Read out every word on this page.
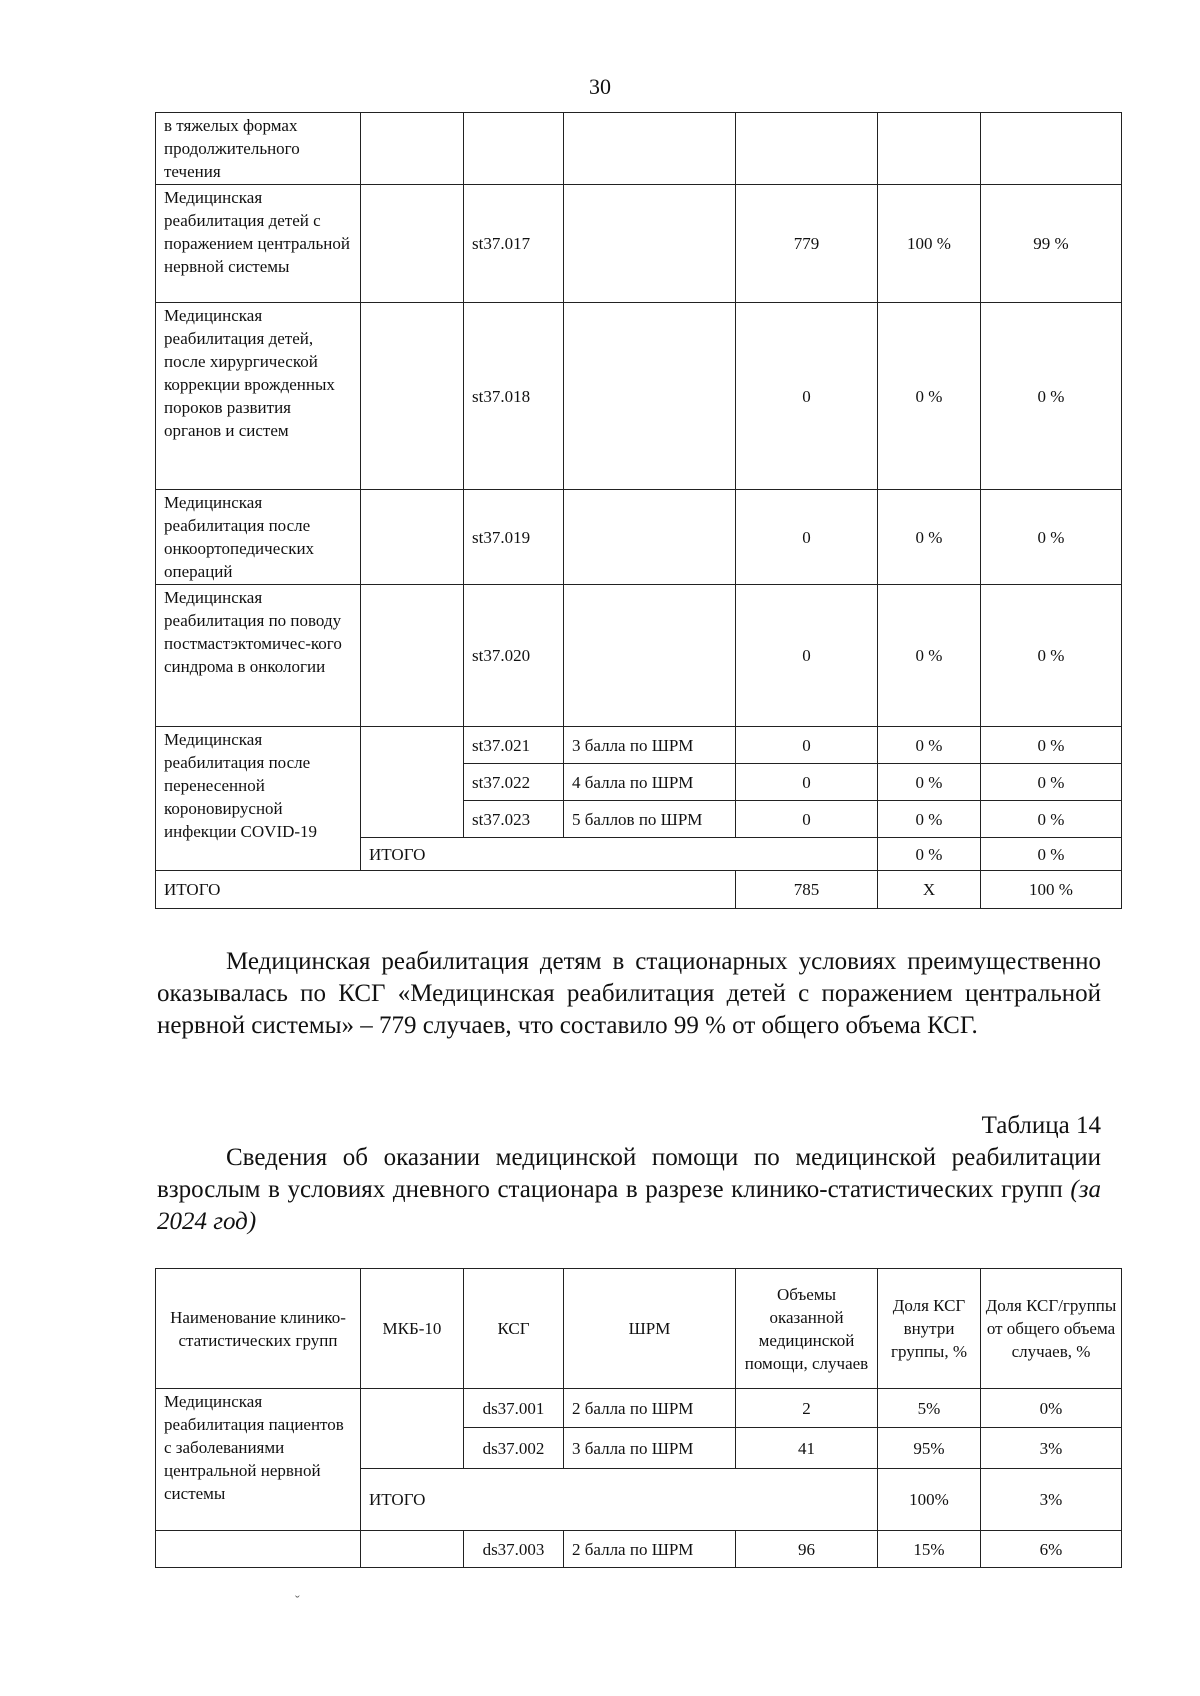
30
в тяжелых формах продолжительного течения						
Медицинская реабилитация детей с поражением центральной нервной системы		st37.017		779	100 %	99 %
Медицинская реабилитация детей, после хирургической коррекции врожденных пороков развития органов и систем		st37.018		0	0 %	0 %
Медицинская реабилитация после онкоортопедических операций		st37.019		0	0 %	0 %
Медицинская реабилитация по поводу постмастэктомичес-кого синдрома в онкологии		st37.020		0	0 %	0 %
Медицинская реабилитация после перенесенной короновирусной инфекции COVID-19		st37.021	3 балла по ШРМ	0	0 %	0 %
		st37.022	4 балла по ШРМ	0	0 %	0 %
		st37.023	5 баллов по ШРМ	0	0 %	0 %
	ИТОГО				0 %	0 %
ИТОГО				785	Х	100 %
Медицинская реабилитация детям в стационарных условиях преимущественно оказывалась по КСГ «Медицинская реабилитация детей с поражением центральной нервной системы» – 779 случаев, что составило 99 % от общего объема КСГ.
Таблица 14
Сведения об оказании медицинской помощи по медицинской реабилитации взрослым в условиях дневного стационара в разрезе клинико-статистических групп (за 2024 год)
Наименование клинико-статистических групп	МКБ-10	КСГ	ШРМ	Объемы оказанной медицинской помощи, случаев	Доля КСГ внутри группы, %	Доля КСГ/группы от общего объема случаев, %
Медицинская реабилитация пациентов с заболеваниями центральной нервной системы		ds37.001	2 балла по ШРМ	2	5%	0%
		ds37.002	3 балла по ШРМ	41	95%	3%
	ИТОГО				100%	3%
		ds37.003	2 балла по ШРМ	96	15%	6%
ˇ
